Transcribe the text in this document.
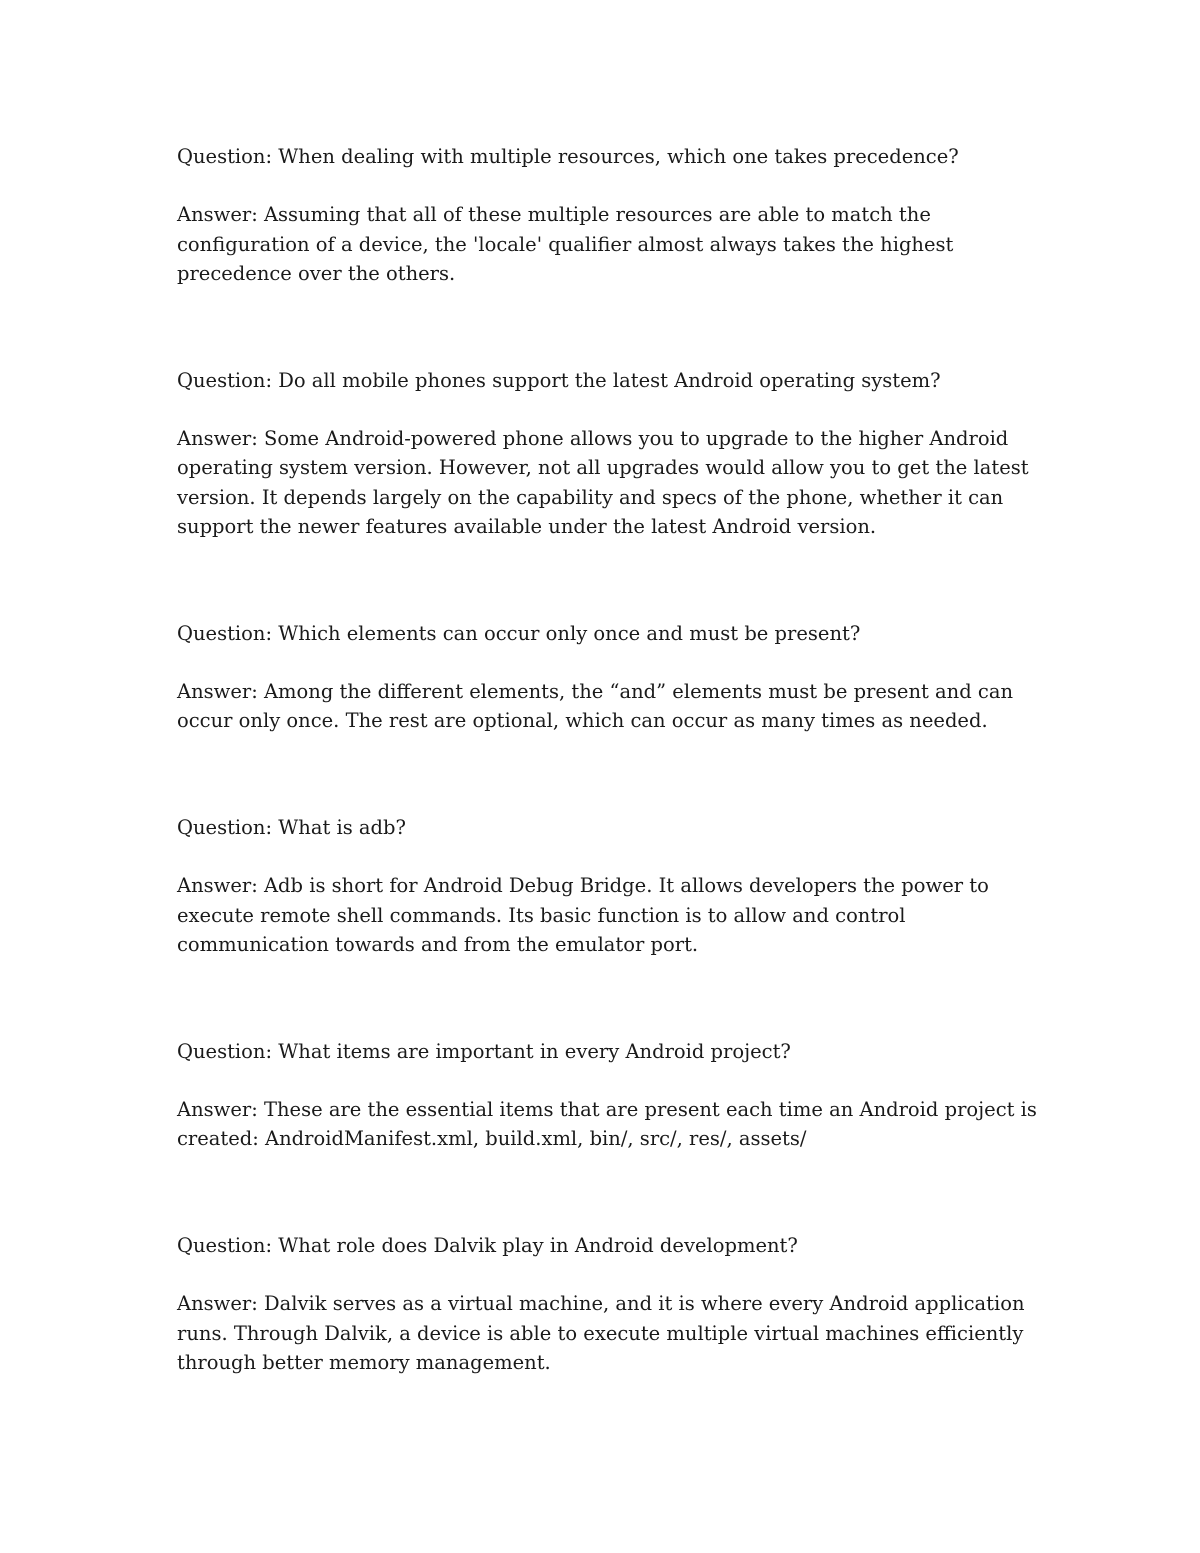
Question: When dealing with multiple resources, which one takes precedence?

Answer: Assuming that all of these multiple resources are able to match the configuration of a device, the 'locale' qualifier almost always takes the highest precedence over the others.

Question: Do all mobile phones support the latest Android operating system?

Answer: Some Android-powered phone allows you to upgrade to the higher Android operating system version. However, not all upgrades would allow you to get the latest version. It depends largely on the capability and specs of the phone, whether it can support the newer features available under the latest Android version.

Question: Which elements can occur only once and must be present?

Answer: Among the different elements, the “and” elements must be present and can occur only once. The rest are optional, which can occur as many times as needed.

Question: What is adb?

Answer: Adb is short for Android Debug Bridge. It allows developers the power to execute remote shell commands. Its basic function is to allow and control communication towards and from the emulator port.

Question: What items are important in every Android project?

Answer: These are the essential items that are present each time an Android project is created: AndroidManifest.xml, build.xml, bin/, src/, res/, assets/

Question: What role does Dalvik play in Android development?

Answer: Dalvik serves as a virtual machine, and it is where every Android application runs. Through Dalvik, a device is able to execute multiple virtual machines efficiently through better memory management.
